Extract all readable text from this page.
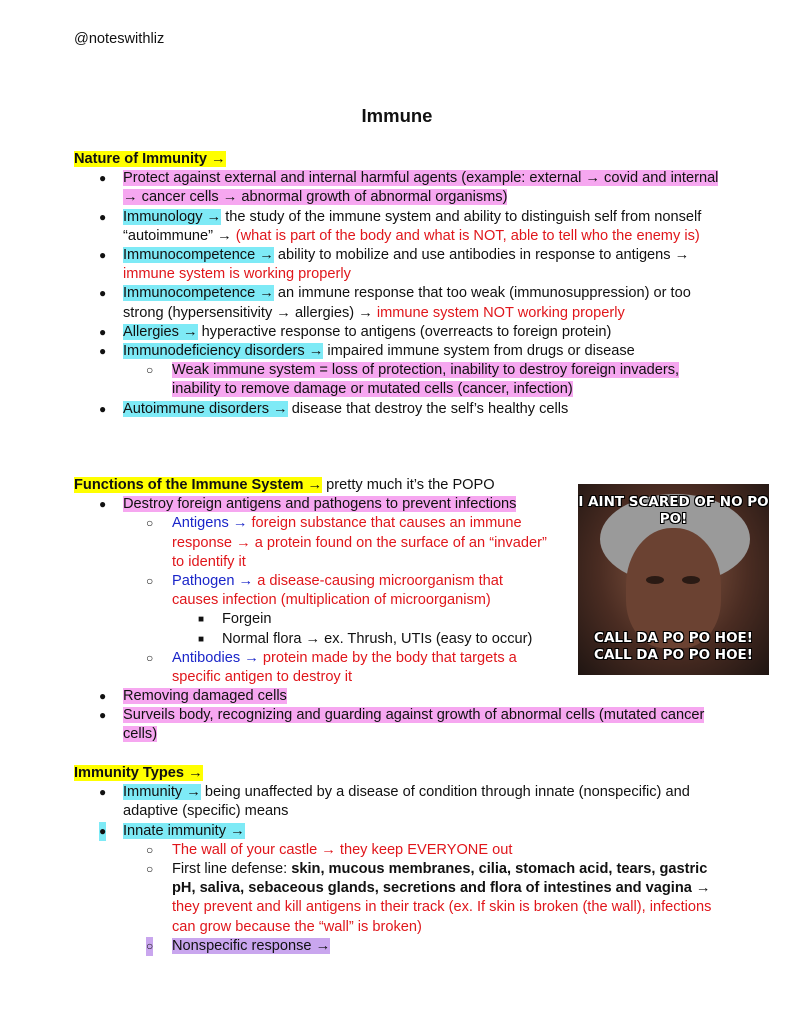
@noteswithliz
Immune
Nature of Immunity →
● Protect against external and internal harmful agents (example: external → covid and internal → cancer cells → abnormal growth of abnormal organisms)
● Immunology → the study of the immune system and ability to distinguish self from nonself “autoimmune” → (what is part of the body and what is NOT, able to tell who the enemy is)
● Immunocompetence → ability to mobilize and use antibodies in response to antigens → immune system is working properly
● Immunocompetence → an immune response that too weak (immunosuppression) or too strong (hypersensitivity → allergies) → immune system NOT working properly
● Allergies → hyperactive response to antigens (overreacts to foreign protein)
● Immunodeficiency disorders → impaired immune system from drugs or disease
○ Weak immune system = loss of protection, inability to destroy foreign invaders, inability to remove damage or mutated cells (cancer, infection)
● Autoimmune disorders → disease that destroy the self’s healthy cells
Functions of the Immune System → pretty much it’s the POPO
● Destroy foreign antigens and pathogens to prevent infections
○ Antigens → foreign substance that causes an immune response → a protein found on the surface of an “invader” to identify it
○ Pathogen → a disease-causing microorganism that causes infection (multiplication of microorganism)
■ Forgein
■ Normal flora → ex. Thrush, UTIs (easy to occur)
○ Antibodies → protein made by the body that targets a specific antigen to destroy it
● Removing damaged cells
● Surveils body, recognizing and guarding against growth of abnormal cells (mutated cancer cells)
I AINT SCARED OF NO PO PO!
CALL DA PO PO HOE! CALL DA PO PO HOE!
Immunity Types →
● Immunity → being unaffected by a disease of condition through innate (nonspecific) and adaptive (specific) means
● Innate immunity →
○ The wall of your castle → they keep EVERYONE out
○ First line defense: skin, mucous membranes, cilia, stomach acid, tears, gastric pH, saliva, sebaceous glands, secretions and flora of intestines and vagina → they prevent and kill antigens in their track (ex. If skin is broken (the wall), infections can grow because the “wall” is broken)
○ Nonspecific response →
